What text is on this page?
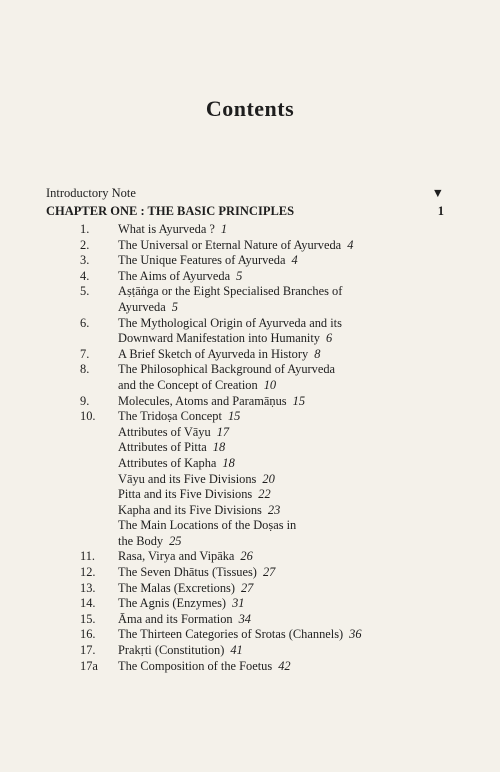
Contents
Introductory Note	▼
CHAPTER ONE : THE BASIC PRINCIPLES	1
1.	What is Ayurveda ? 1
2.	The Universal or Eternal Nature of Ayurveda 4
3.	The Unique Features of Ayurveda 4
4.	The Aims of Ayurveda 5
5.	Aṣṭāṅga or the Eight Specialised Branches of
Ayurveda 5
6.	The Mythological Origin of Ayurveda and its
Downward Manifestation into Humanity 6
7.	A Brief Sketch of Ayurveda in History 8
8.	The Philosophical Background of Ayurveda
and the Concept of Creation 10
9.	Molecules, Atoms and Paramāṇus 15
10.	The Tridoṣa Concept 15
Attributes of Vāyu 17
Attributes of Pitta 18
Attributes of Kapha 18
Vāyu and its Five Divisions 20
Pitta and its Five Divisions 22
Kapha and its Five Divisions 23
The Main Locations of the Doṣas in
the Body 25
11.	Rasa, Virya and Vipāka 26
12.	The Seven Dhātus (Tissues) 27
13.	The Malas (Excretions) 27
14.	The Agnis (Enzymes) 31
15.	Āma and its Formation 34
16.	The Thirteen Categories of Srotas (Channels) 36
17.	Prakṛti (Constitution) 41
17a	The Composition of the Foetus 42
